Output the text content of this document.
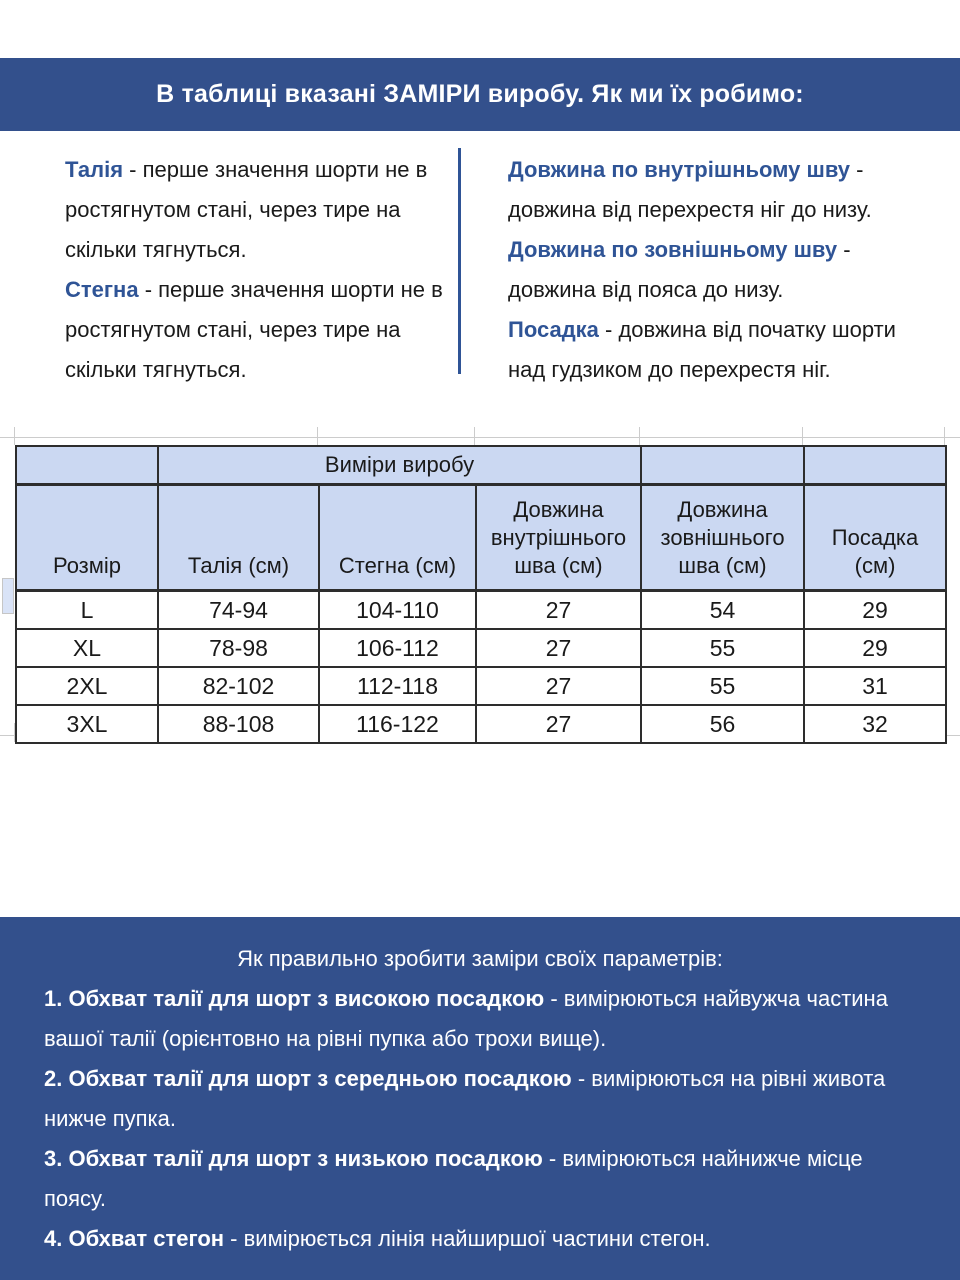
В таблиці вказані ЗАМІРИ виробу. Як ми їх робимо:

Талія - перше значення шорти не в ростягнутом стані, через тире на скільки тягнуться.

Стегна - перше значення шорти не в ростягнутом стані, через тире на скільки тягнуться.

Довжина по внутрішньому шву - довжина від перехрестя ніг до низу.

Довжина по зовнішньому шву - довжина від пояса до низу.

Посадка - довжина від початку шорти над гудзиком до перехрестя ніг.

	Виміри виробу				
Розмір	Талія (см)	Стегна (см)	Довжина внутрішнього шва (см)	Довжина зовнішнього шва (см)	Посадка (см)
L	74-94	104-110	27	54	29
XL	78-98	106-112	27	55	29
2XL	82-102	112-118	27	55	31
3XL	88-108	116-122	27	56	32

Як правильно зробити заміри своїх параметрів:

1. Обхват талії для шорт з високою посадкою - вимірюються найвужча частина вашої талії (орієнтовно на рівні пупка або трохи вище).

2. Обхват талії для шорт з середньою посадкою - вимірюються на рівні живота нижче пупка.

3. Обхват талії для шорт з низькою посадкою - вимірюються найнижче місце поясу.

4. Обхват стегон - вимірюється лінія найширшої частини стегон.
